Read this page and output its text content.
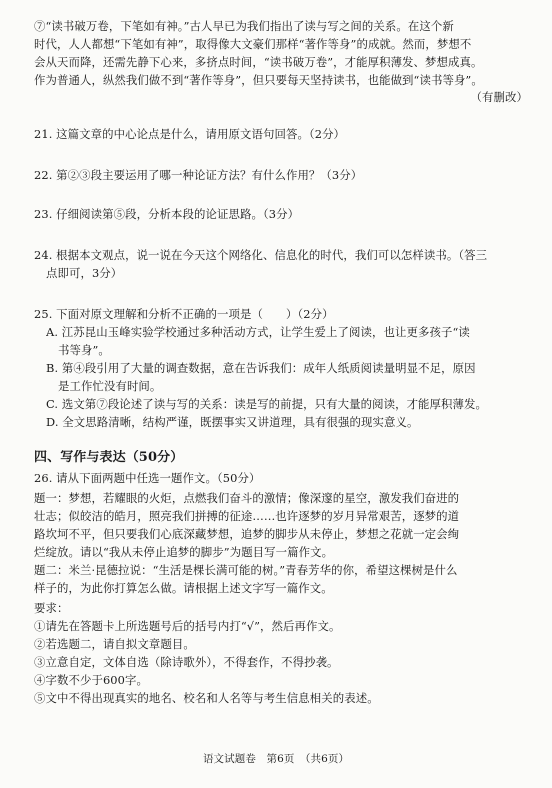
⑦“读书破万卷，下笔如有神。”古人早已为我们指出了读与写之间的关系。在这个新
时代，人人都想“下笔如有神”，取得像大文豪们那样“著作等身”的成就。然而，梦想不
会从天而降，还需先静下心来，多挤点时间，“读书破万卷”，才能厚积薄发、梦想成真。
作为普通人，纵然我们做不到“著作等身”，但只要每天坚持读书，也能做到“读书等身”。
（有删改）
21. 这篇文章的中心论点是什么，请用原文语句回答。（2分）
22. 第②③段主要运用了哪一种论证方法？有什么作用？（3分）
23. 仔细阅读第⑤段，分析本段的论证思路。（3分）
24. 根据本文观点，说一说在今天这个网络化、信息化的时代，我们可以怎样读书。（答三
点即可，3分）
25. 下面对原文理解和分析不正确的一项是（　　）（2分）
A. 江苏昆山玉峰实验学校通过多种活动方式，让学生爱上了阅读，也让更多孩子“读
书等身”。
B. 第④段引用了大量的调查数据，意在告诉我们：成年人纸质阅读量明显不足，原因
是工作忙没有时间。
C. 选文第⑦段论述了读与写的关系：读是写的前提，只有大量的阅读，才能厚积薄发。
D. 全文思路清晰，结构严谨，既摆事实又讲道理，具有很强的现实意义。
四、写作与表达（50分）
26. 请从下面两题中任选一题作文。（50分）
题一：梦想，若耀眼的火炬，点燃我们奋斗的激情；像深邃的星空，激发我们奋进的
壮志；似皎洁的皓月，照亮我们拼搏的征途……也许逐梦的岁月异常艰苦，逐梦的道
路坎坷不平，但只要我们心底深藏梦想，追梦的脚步从未停止，梦想之花就一定会绚
烂绽放。请以“我从未停止追梦的脚步”为题目写一篇作文。
题二：米兰·昆德拉说：“生活是棵长满可能的树。”青春芳华的你，希望这棵树是什么
样子的，为此你打算怎么做。请根据上述文字写一篇作文。
要求：
①请先在答题卡上所选题号后的括号内打“√”，然后再作文。
②若选题二，请自拟文章题目。
③立意自定，文体自选（除诗歌外），不得套作，不得抄袭。
④字数不少于600字。
⑤文中不得出现真实的地名、校名和人名等与考生信息相关的表述。
语文试题卷　第6页　（共6页）
